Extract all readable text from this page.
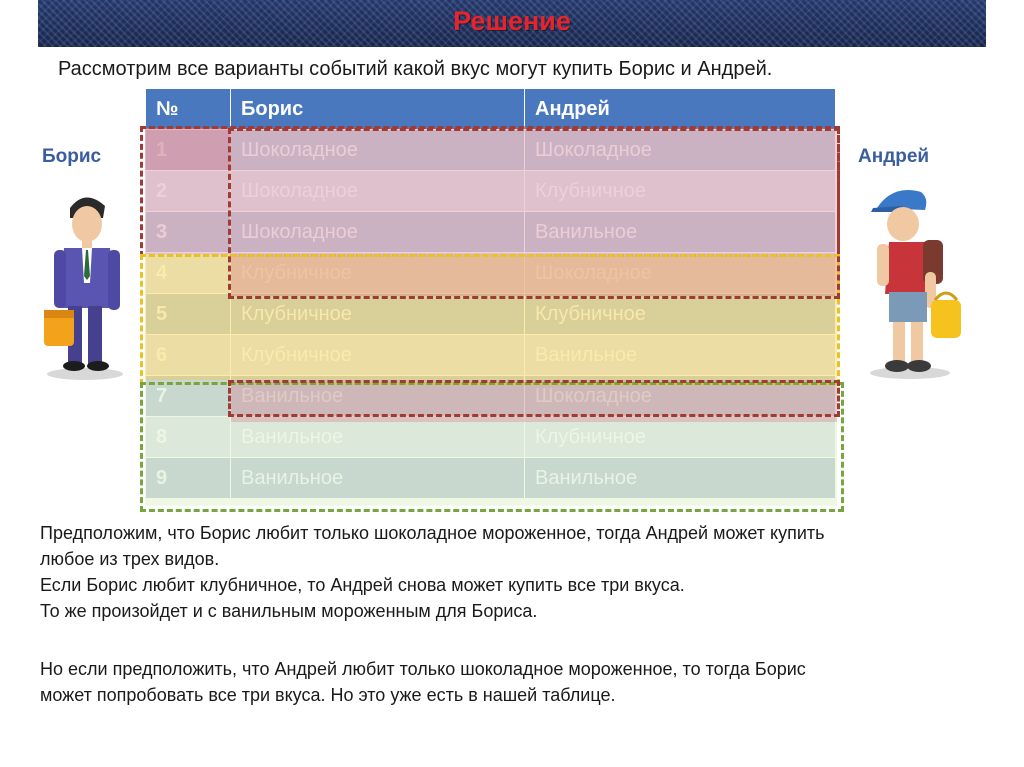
Решение
Рассмотрим все варианты событий какой вкус могут купить Борис и Андрей.
Борис	Андрей
№	Борис	Андрей
1	Шоколадное	Шоколадное
2	Шоколадное	Клубничное
3	Шоколадное	Ванильное
4	Клубничное	Шоколадное
5	Клубничное	Клубничное
6	Клубничное	Ванильное
7	Ванильное	Шоколадное
8	Ванильное	Клубничное
9	Ванильное	Ванильное
Предположим, что Борис любит только шоколадное мороженное, тогда Андрей может купить
любое из трех видов.
Если Борис любит клубничное, то Андрей снова может купить все три вкуса.
То же произойдет и с ванильным мороженным для Бориса.
Но если предположить, что Андрей любит только шоколадное мороженное, то тогда Борис
может попробовать все три вкуса. Но это уже есть в нашей таблице.
